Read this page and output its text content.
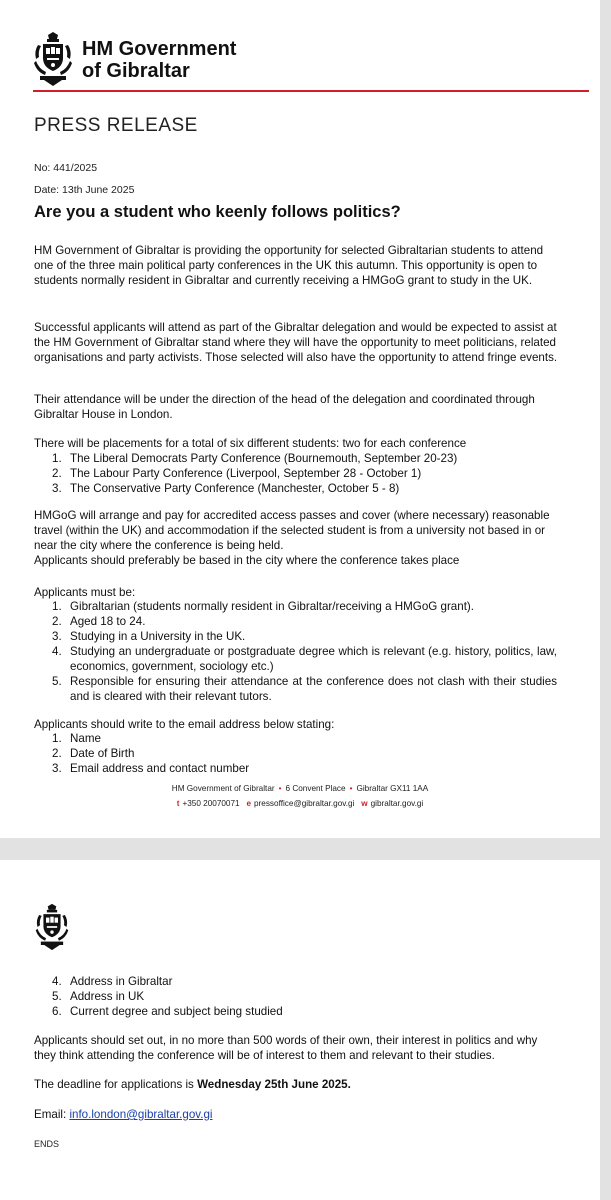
HM Government
of Gibraltar
PRESS RELEASE
No: 441/2025
Date: 13th June 2025
Are you a student who keenly follows politics?
HM Government of Gibraltar is providing the opportunity for selected Gibraltarian students to attend one of the three main political party conferences in the UK this autumn. This opportunity is open to students normally resident in Gibraltar and currently receiving a HMGoG grant to study in the UK.
Successful applicants will attend as part of the Gibraltar delegation and would be expected to assist at the HM Government of Gibraltar stand where they will have the opportunity to meet politicians, related organisations and party activists. Those selected will also have the opportunity to attend fringe events.
Their attendance will be under the direction of the head of the delegation and coordinated through Gibraltar House in London.
There will be placements for a total of six different students: two for each conference
1. The Liberal Democrats Party Conference (Bournemouth, September 20-23)
2. The Labour Party Conference (Liverpool, September 28 - October 1)
3. The Conservative Party Conference (Manchester, October 5 - 8)
HMGoG will arrange and pay for accredited access passes and cover (where necessary) reasonable travel (within the UK) and accommodation if the selected student is from a university not based in or near the city where the conference is being held.
Applicants should preferably be based in the city where the conference takes place
Applicants must be:
1. Gibraltarian (students normally resident in Gibraltar/receiving a HMGoG grant).
2. Aged 18 to 24.
3. Studying in a University in the UK.
4. Studying an undergraduate or postgraduate degree which is relevant (e.g. history, politics, law, economics, government, sociology etc.)
5. Responsible for ensuring their attendance at the conference does not clash with their studies and is cleared with their relevant tutors.
Applicants should write to the email address below stating:
1. Name
2. Date of Birth
3. Email address and contact number
HM Government of Gibraltar • 6 Convent Place • Gibraltar GX11 1AA
t +350 20070071 e pressoffice@gibraltar.gov.gi w gibraltar.gov.gi
4. Address in Gibraltar
5. Address in UK
6. Current degree and subject being studied
Applicants should set out, in no more than 500 words of their own, their interest in politics and why they think attending the conference will be of interest to them and relevant to their studies.
The deadline for applications is Wednesday 25th June 2025.
Email: info.london@gibraltar.gov.gi
ENDS
